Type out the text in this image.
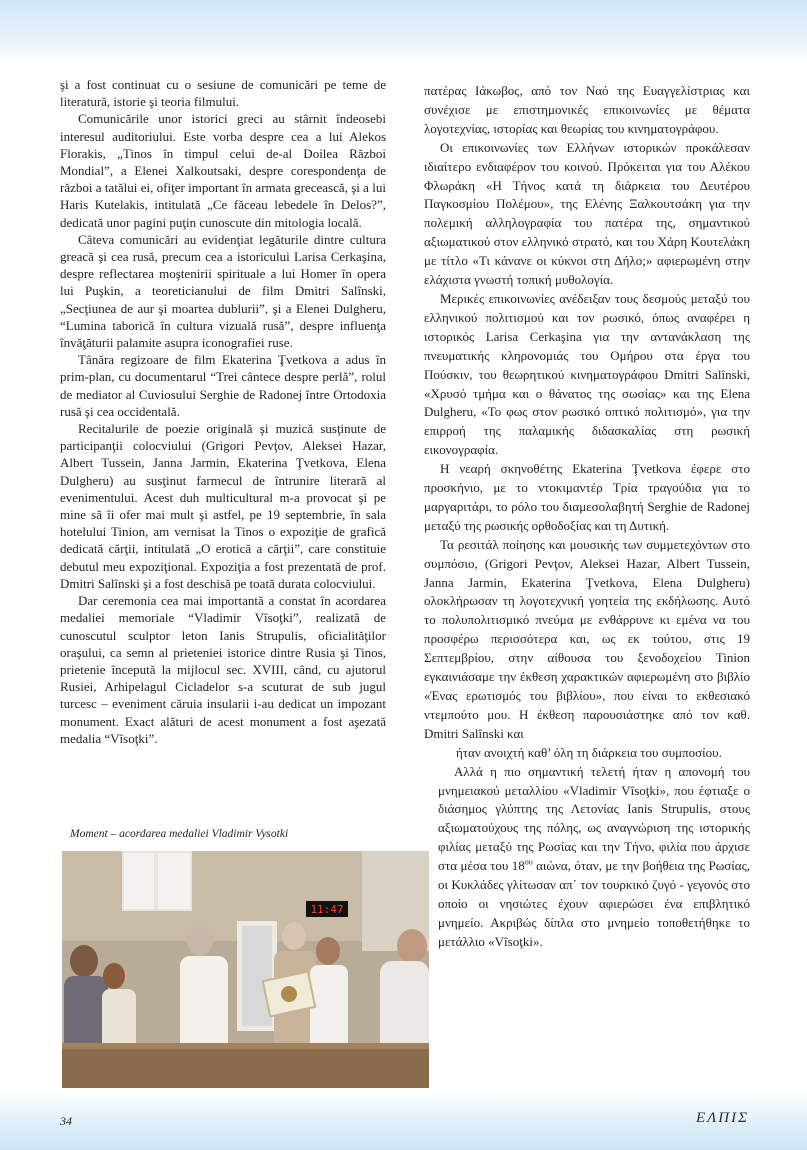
şi a fost continuat cu o sesiune de comunicări pe teme de literatură, istorie şi teoria filmului.

Comunicările unor istorici greci au stârnit îndeosebi interesul auditoriului. Este vorba despre cea a lui Alekos Florakis, „Tinos în timpul celui de-al Doilea Război Mondial”, a Elenei Xalkoutsaki, despre corespondenţa de război a tatălui ei, ofiţer important în armata grecească, şi a lui Haris Kutelakis, intitulată „Ce făceau lebedele în Delos?”, dedicată unor pagini puţin cunoscute din mitologia locală.

Câteva comunicări au evidenţiat legăturile dintre cultura greacă şi cea rusă, precum cea a istoricului Larisa Cerkaşina, despre reflectarea moştenirii spirituale a lui Homer în opera lui Puşkin, a teoreticianului de film Dmitri Salînski, „Secţiunea de aur şi moartea dublurii”, şi a Elenei Dulgheru, “Lumina taborică în cultura vizuală rusă”, despre influenţa învăţăturii palamite asupra iconografiei ruse.

Tânăra regizoare de film Ekaterina Ţvetkova a adus în prim-plan, cu documentarul “Trei cântece despre perlă”, rolul de mediator al Cuviosului Serghie de Radonej între Ortodoxia rusă şi cea occidentală.

Recitalurile de poezie originală şi muzică susţinute de participanţii colocviului (Grigori Pevţov, Aleksei Hazar, Albert Tussein, Janna Jarmin, Ekaterina Ţvetkova, Elena Dulgheru) au susţinut farmecul de întrunire literară al evenimentului. Acest duh multicultural m-a provocat şi pe mine să îi ofer mai mult şi astfel, pe 19 septembrie, în sala hotelului Tinion, am vernisat la Tinos o expoziţie de grafică dedicată cărţii, intitulată „O erotică a cărţii”, care constituie debutul meu expoziţional. Expoziţia a fost prezentată de prof. Dmitri Salînski şi a fost deschisă pe toată durata colocviului.

Dar ceremonia cea mai importantă a constat în acordarea medaliei memoriale “Vladimir Vîsoţki”, realizată de cunoscutul sculptor leton Ianis Strupulis, oficialităţilor oraşului, ca semn al prieteniei istorice dintre Rusia şi Tinos, prietenie începută la mijlocul sec. XVIII, când, cu ajutorul Rusiei, Arhipelagul Cicladelor s-a scuturat de sub jugul turcesc – eveniment căruia insularii i-au dedicat un impozant monument. Exact alături de acest monument a fost aşezată medalia “Vîsoţki”.

Moment – acordarea medaliei Vladimir Vysotki
11:47

πατέρας Ιάκωβος, από τον Ναό της Ευαγγελίστριας και συνέχισε με επιστημονικές επικοινωνίες με θέματα λογοτεχνίας, ιστορίας και θεωρίας του κινηματογράφου.

Οι επικοινωνίες των Ελλήνων ιστορικών προκάλεσαν ιδιαίτερο ενδιαφέρον του κοινού. Πρόκειται για του Αλέκου Φλωράκη «Η Τήνος κατά τη διάρκεια του Δευτέρου Παγκοσμίου Πολέμου», της Ελένης Ξαλκουτσάκη για την πολεμική αλληλογραφία του πατέρα της, σημαντικού αξιωματικού στον ελληνικό στρατό, και του Χάρη Κουτελάκη με τίτλο «Τι κάνανε οι κύκνοι στη Δήλο;» αφιερωμένη στην ελάχιστα γνωστή τοπική μυθολογία.

Μερικές επικοινωνίες ανέδειξαν τους δεσμούς μεταξύ του ελληνικού πολιτισμού και τον ρωσικό, όπως αναφέρει η ιστορικός Larisa Cerkaşina για την αντανάκλαση της πνευματικής κληρονομιάς του Ομήρου στα έργα του Πούσκιν, του θεωρητικού κινηματογράφου Dmitri Salînski, «Χρυσό τμήμα και ο θάνατος της σωσίας» και της Elena Dulgheru, «Το φως στον ρωσικό οπτικό πολιτισμό», για την επιρροή της παλαμικής διδασκαλίας στη ρωσική εικονογραφία.

Η νεαρή σκηνοθέτης Ekaterina Ţvetkova έφερε στο προσκήνιο, με το ντοκιμαντέρ Τρία τραγούδια για το μαργαριτάρι, το ρόλο του διαμεσολαβητή Serghie de Radonej μεταξύ της ρωσικής ορθοδοξίας και τη Δυτική.

Τα ρεσιτάλ ποίησης και μουσικής των συμμετεχόντων στο συμπόσιο, (Grigori Pevţov, Aleksei Hazar, Albert Tussein, Janna Jarmin, Ekaterina Ţvetkova, Elena Dulgheru) ολοκλήρωσαν τη λογοτεχνική γοητεία της εκδήλωσης. Αυτό το πολυπολιτισμικό πνεύμα με ενθάρρυνε κι εμένα να του προσφέρω περισσότερα και, ως εκ τούτου, στις 19 Σεπτεμβρίου, στην αίθουσα του ξενοδοχείου Tinion εγκαινιάσαμε την έκθεση χαρακτικών αφιερωμένη στο βιβλίο «Ένας ερωτισμός του βιβλίου», που είναι το εκθεσιακό ντεμπούτο μου. Η έκθεση παρουσιάστηκε από τον καθ. Dmitri Salînski και

ήταν ανοιχτή καθ’ όλη τη διάρκεια του συμποσίου.

Αλλά η πιο σημαντική τελετή ήταν η απονομή του μνημειακού μεταλλίου «Vladimir Vîsoţki», που έφτιαξε ο διάσημος γλύπτης της Λετονίας Ianis Strupulis, στους αξιωματούχους της πόλης, ως αναγνώριση της ιστορικής φιλίας μεταξύ της Ρωσίας και την Τήνο, φιλία που άρχισε στα μέσα του $18^{o\upsilon}$ αιώνα, όταν, με την βοήθεια της Ρωσίας, οι Κυκλάδες γλίτωσαν απ᾽ τον τουρκικό ζυγό - γεγονός στο οποίο οι νησιώτες έχουν αφιερώσει ένα επιβλητικό μνημείο. Ακριβώς δίπλα στο μνημείο τοποθετήθηκε το μετάλλιο «Vîsoţki».

34	ΕΛΠΙΣ
